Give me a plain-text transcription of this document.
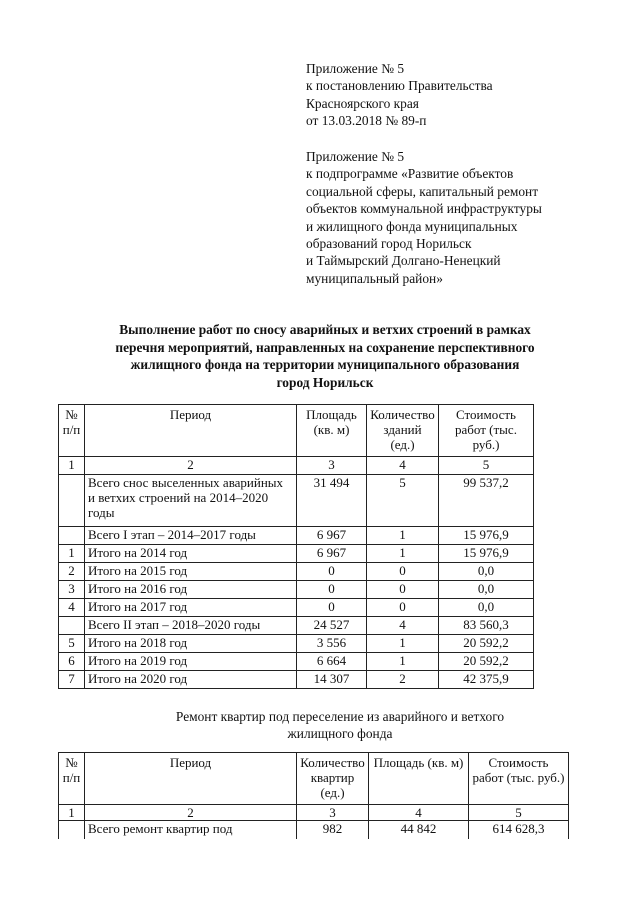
Приложение № 5
к постановлению Правительства
Красноярского края
от 13.03.2018 № 89-п
Приложение № 5
к подпрограмме «Развитие объектов
социальной сферы, капитальный ремонт
объектов коммунальной инфраструктуры
и жилищного фонда муниципальных
образований город Норильск
и Таймырский Долгано-Ненецкий
муниципальный район»
Выполнение работ по сносу аварийных и ветхих строений в рамках
перечня мероприятий, направленных на сохранение перспективного
жилищного фонда на территории муниципального образования
город Норильск
№ п/п	Период	Площадь (кв. м)	Количество зданий (ед.)	Стоимость работ (тыс. руб.)
1	2	3	4	5
	Всего снос выселенных аварийных и ветхих строений на 2014–2020 годы	31 494	5	99 537,2
	Всего I этап – 2014–2017 годы	6 967	1	15 976,9
1	Итого на 2014 год	6 967	1	15 976,9
2	Итого на 2015 год	0	0	0,0
3	Итого на 2016 год	0	0	0,0
4	Итого на 2017 год	0	0	0,0
	Всего II этап – 2018–2020 годы	24 527	4	83 560,3
5	Итого на 2018 год	3 556	1	20 592,2
6	Итого на 2019 год	6 664	1	20 592,2
7	Итого на 2020 год	14 307	2	42 375,9
Ремонт квартир под переселение из аварийного и ветхого
жилищного фонда
№ п/п	Период	Количество квартир (ед.)	Площадь (кв. м)	Стоимость работ (тыс. руб.)
1	2	3	4	5
	Всего ремонт квартир под	982	44 842	614 628,3
